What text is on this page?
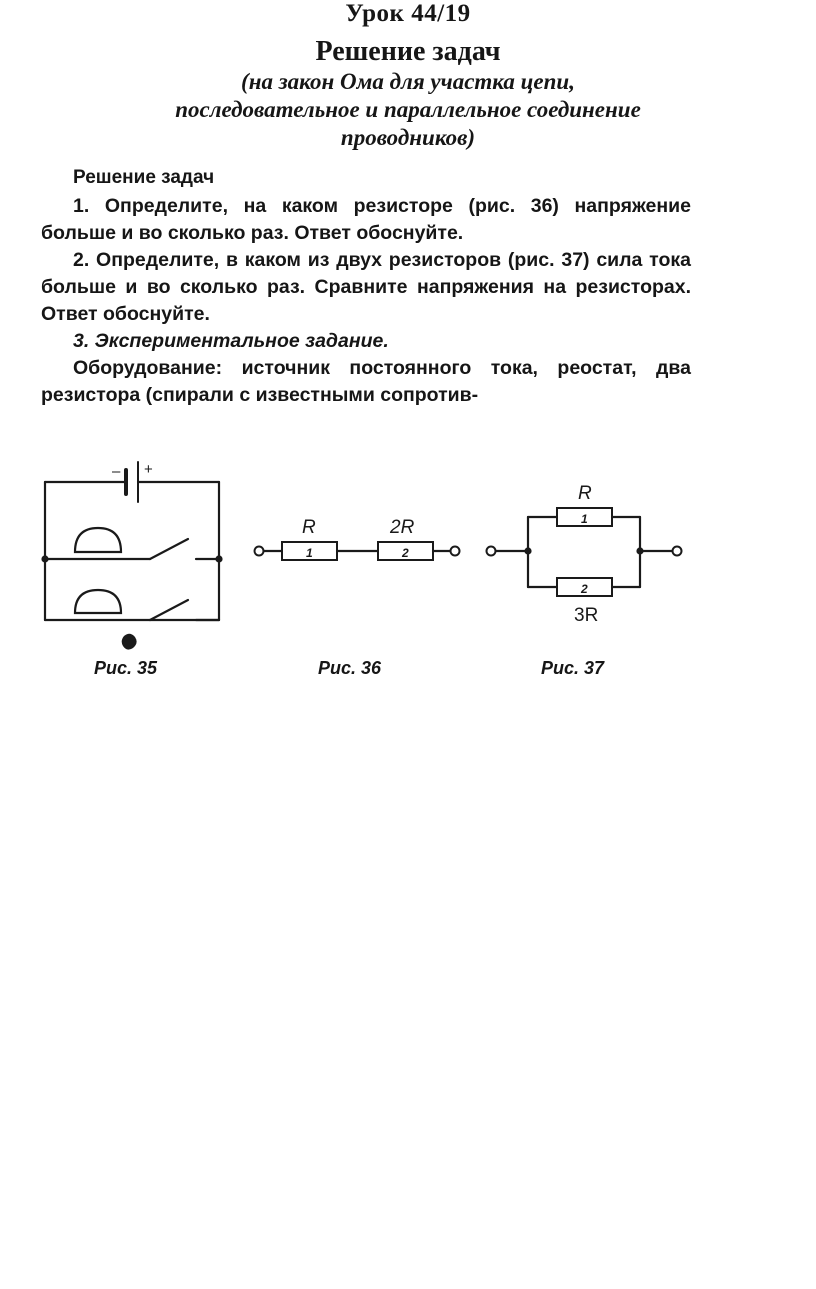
Урок 44/19
Решение задач
(на закон Ома для участка цепи,
последовательное и параллельное соединение
проводников)
Решение задач

1. Определите, на каком резисторе (рис. 36) напряжение больше и во сколько раз. Ответ обоснуйте.

2. Определите, в каком из двух резисторов (рис. 37) сила тока больше и во сколько раз. Сравните напряжения на резисторах. Ответ обоснуйте.

3. Экспериментальное задание.

Оборудование: источник постоянного тока, реостат, два резистора (спирали с известными сопротив-

– +
R	2R
1	2
R
3R
1
2
Рис. 35	Рис. 36	Рис. 37
